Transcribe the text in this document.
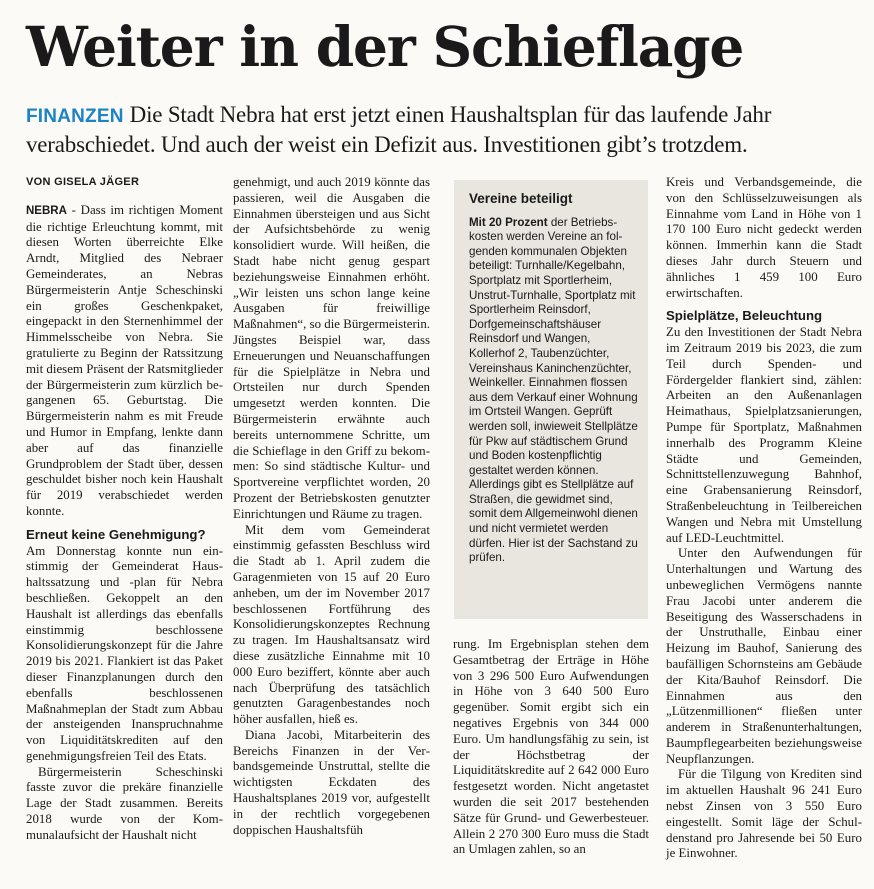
Weiter in der Schieflage
FINANZEN Die Stadt Nebra hat erst jetzt einen Haushaltsplan für das laufende Jahr verabschiedet. Und auch der weist ein Defizit aus. Investitionen gibt’s trotzdem.
VON GISELA JÄGER

NEBRA - Dass im richtigen Moment die richtige Erleuchtung kommt, mit diesen Worten überreichte Elke Arndt, Mitglied des Nebraer Gemeinderates, an Nebras Bürgermeisterin Antje Scheschinski ein großes Geschenkpaket, eingepackt in den Sternenhimmel der Himmelsscheibe von Nebra. Sie gratulierte zu Beginn der Ratssitzung mit diesem Präsent der Ratsmitglieder der Bürgermeisterin zum kürzlich begangenen 65. Geburtstag. Die Bürgermeisterin nahm es mit Freude und Humor in Empfang, lenkte dann aber auf das finanzielle Grundproblem der Stadt über, dessen geschuldet bisher noch kein Haushalt für 2019 verabschiedet werden konnte.

Erneut keine Genehmigung?

Am Donnerstag konnte nun einstimmig der Gemeinderat Haushaltssatzung und -plan für Nebra beschließen. Gekoppelt an den Haushalt ist allerdings das ebenfalls einstimmig beschlossene Konsolidierungskonzept für die Jahre 2019 bis 2021. Flankiert ist das Paket dieser Finanzplanungen durch den ebenfalls beschlossenen Maßnahmeplan der Stadt zum Abbau der ansteigenden Inanspruchnahme von Liquiditätskrediten auf den genehmigungsfreien Teil des Etats.

Bürgermeisterin Scheschinski fasste zuvor die prekäre finanzielle Lage der Stadt zusammen. Bereits 2018 wurde von der Kommunalaufsicht der Haushalt nicht

genehmigt, und auch 2019 könnte das passieren, weil die Ausgaben die Einnahmen übersteigen und aus Sicht der Aufsichtsbehörde zu wenig konsolidiert wurde. Will heißen, die Stadt habe nicht genug gespart beziehungsweise Einnahmen erhöht. „Wir leisten uns schon lange keine Ausgaben für freiwillige Maßnahmen“, so die Bürgermeisterin. Jüngstes Beispiel war, dass Erneuerungen und Neuanschaffungen für die Spielplätze in Nebra und Ortsteilen nur durch Spenden umgesetzt werden konnten. Die Bürgermeisterin erwähnte auch bereits unternommene Schritte, um die Schieflage in den Griff zu bekommen: So sind städtische Kultur- und Sportvereine verpflichtet worden, 20 Prozent der Betriebskosten genutzter Einrichtungen und Räume zu tragen.

Mit dem vom Gemeinderat einstimmig gefassten Beschluss wird die Stadt ab 1. April zudem die Garagenmieten von 15 auf 20 Euro anheben, um der im November 2017 beschlossenen Fortführung des Konsolidierungskonzeptes Rechnung zu tragen. Im Haushaltsansatz wird diese zusätzliche Einnahme mit 10 000 Euro beziffert, könnte aber auch nach Überprüfung des tatsächlich genutzten Garagenbestandes noch höher ausfallen, hieß es.

Diana Jacobi, Mitarbeiterin des Bereichs Finanzen in der Verbandsgemeinde Unstruttal, stellte die wichtigsten Eckdaten des Haushaltsplanes 2019 vor, aufgestellt in der rechtlich vorgegebenen doppischen Haushaltsfüh

Vereine beteiligt

Mit 20 Prozent der Betriebskosten werden Vereine an folgenden kommunalen Objekten beteiligt: Turnhalle/Kegelbahn, Sportplatz mit Sportlerheim, Unstrut-Turnhalle, Sportplatz mit Sportlerheim Reinsdorf, Dorfgemeinschaftshäuser Reinsdorf und Wangen, Kollerhof 2, Taubenzüchter, Vereinshaus Kaninchenzüchter, Weinkeller. Einnahmen flossen aus dem Verkauf einer Wohnung im Ortsteil Wangen. Geprüft werden soll, inwieweit Stellplätze für Pkw auf städtischem Grund und Boden kostenpflichtig gestaltet werden können. Allerdings gibt es Stellplätze auf Straßen, die gewidmet sind, somit dem Allgemeinwohl dienen und nicht vermietet werden dürfen. Hier ist der Sachstand zu prüfen.

rung. Im Ergebnisplan stehen dem Gesamtbetrag der Erträge in Höhe von 3 296 500 Euro Aufwendungen in Höhe von 3 640 500 Euro gegenüber. Somit ergibt sich ein negatives Ergebnis von 344 000 Euro. Um handlungsfähig zu sein, ist der Höchstbetrag der Liquiditätskredite auf 2 642 000 Euro festgesetzt worden. Nicht angetastet wurden die seit 2017 bestehenden Sätze für Grund- und Gewerbesteuer. Allein 2 270 300 Euro muss die Stadt an Umlagen zahlen, so an

Kreis und Verbandsgemeinde, die von den Schlüsselzuweisungen als Einnahme vom Land in Höhe von 1 170 100 Euro nicht gedeckt werden können. Immerhin kann die Stadt dieses Jahr durch Steuern und ähnliches 1 459 100 Euro erwirtschaften.

Spielplätze, Beleuchtung

Zu den Investitionen der Stadt Nebra im Zeitraum 2019 bis 2023, die zum Teil durch Spenden- und Fördergelder flankiert sind, zählen: Arbeiten an den Außenanlagen Heimathaus, Spielplatzsanierungen, Pumpe für Sportplatz, Maßnahmen innerhalb des Programm Kleine Städte und Gemeinden, Schnittstellenzuwegung Bahnhof, eine Grabensanierung Reinsdorf, Straßenbeleuchtung in Teilbereichen Wangen und Nebra mit Umstellung auf LED-Leuchtmittel.

Unter den Aufwendungen für Unterhaltungen und Wartung des unbeweglichen Vermögens nannte Frau Jacobi unter anderem die Beseitigung des Wasserschadens in der Unstruthalle, Einbau einer Heizung im Bauhof, Sanierung des baufälligen Schornsteins am Gebäude der Kita/Bauhof Reinsdorf. Die Einnahmen aus den „Lützenmillionen“ fließen unter anderem in Straßenunterhaltungen, Baumpflegearbeiten beziehungsweise Neupflanzungen.

Für die Tilgung von Krediten sind im aktuellen Haushalt 96 241 Euro nebst Zinsen von 3 550 Euro eingestellt. Somit läge der Schuldenstand pro Jahresende bei 50 Euro je Einwohner.
